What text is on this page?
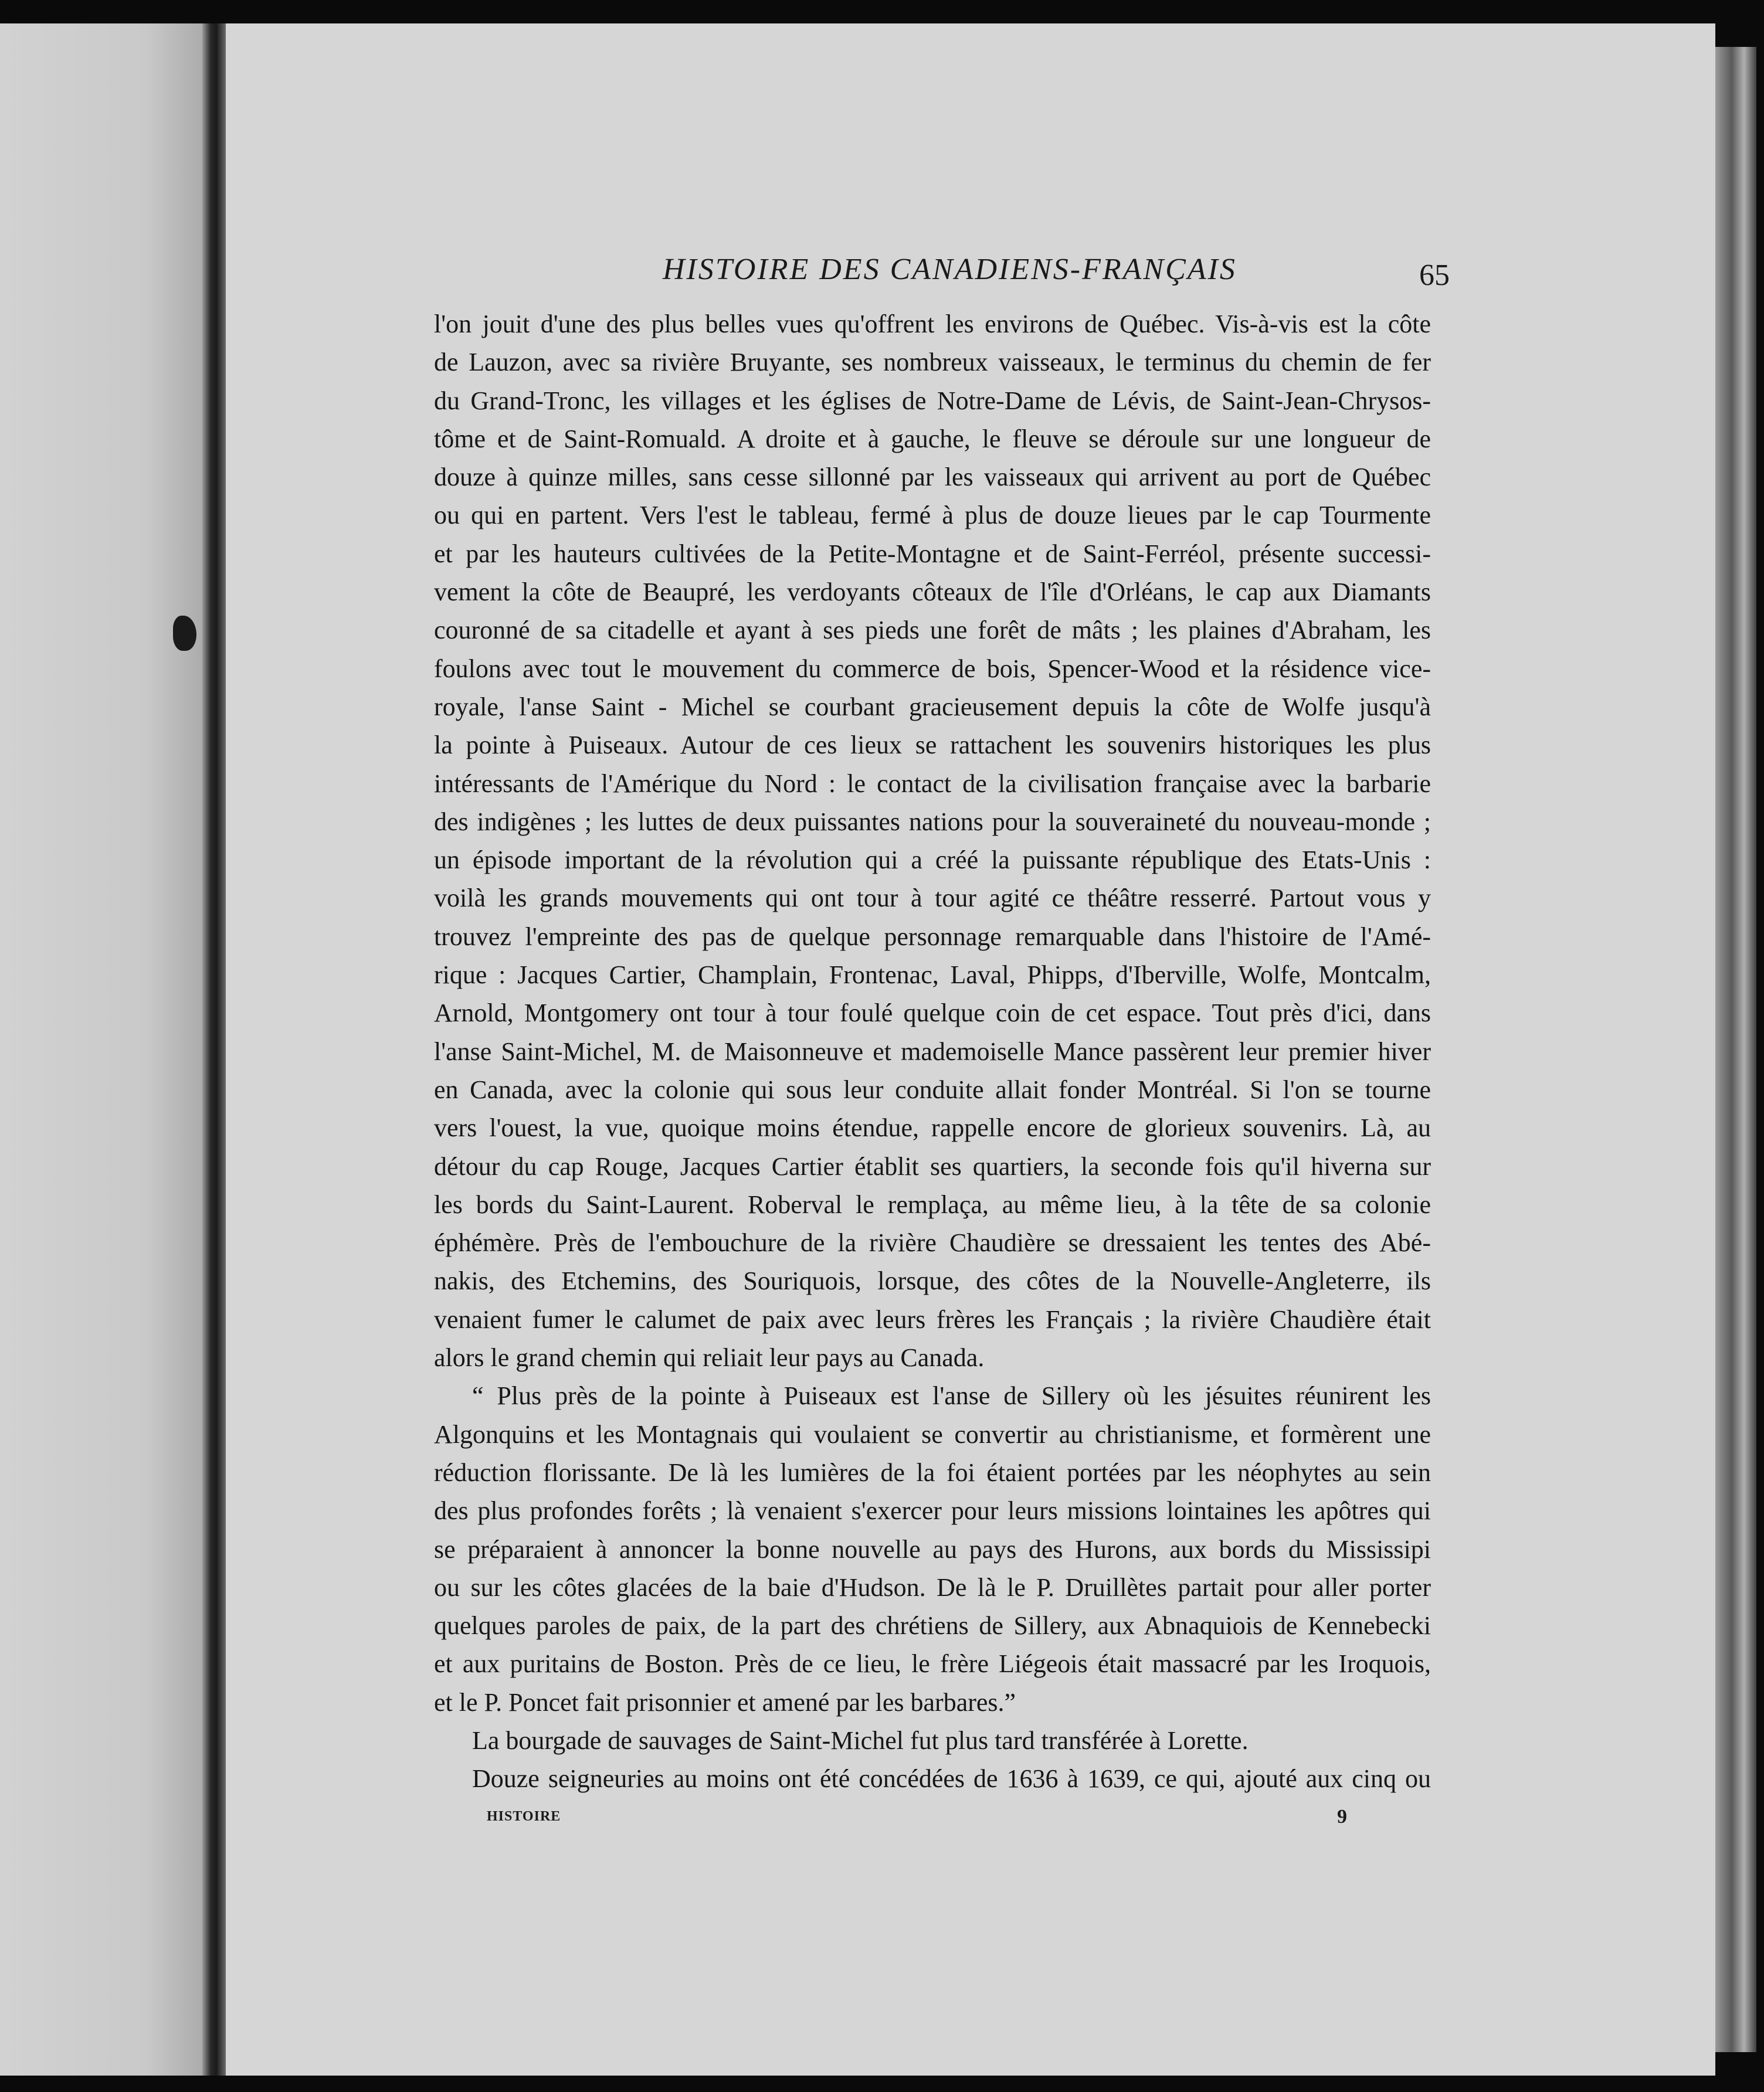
HISTOIRE DES CANADIENS-FRANÇAIS	65

l'on jouit d'une des plus belles vues qu'offrent les environs de Québec. Vis-à-vis est la côte

de Lauzon, avec sa rivière Bruyante, ses nombreux vaisseaux, le terminus du chemin de fer

du Grand-Tronc, les villages et les églises de Notre-Dame de Lévis, de Saint-Jean-Chrysos-

tôme et de Saint-Romuald. A droite et à gauche, le fleuve se déroule sur une longueur de

douze à quinze milles, sans cesse sillonné par les vaisseaux qui arrivent au port de Québec

ou qui en partent. Vers l'est le tableau, fermé à plus de douze lieues par le cap Tourmente

et par les hauteurs cultivées de la Petite-Montagne et de Saint-Ferréol, présente successi-

vement la côte de Beaupré, les verdoyants côteaux de l'île d'Orléans, le cap aux Diamants

couronné de sa citadelle et ayant à ses pieds une forêt de mâts ; les plaines d'Abraham, les

foulons avec tout le mouvement du commerce de bois, Spencer-Wood et la résidence vice-

royale, l'anse Saint - Michel se courbant gracieusement depuis la côte de Wolfe jusqu'à

la pointe à Puiseaux. Autour de ces lieux se rattachent les souvenirs historiques les plus

intéressants de l'Amérique du Nord : le contact de la civilisation française avec la barbarie

des indigènes ; les luttes de deux puissantes nations pour la souveraineté du nouveau-monde ;

un épisode important de la révolution qui a créé la puissante république des Etats-Unis :

voilà les grands mouvements qui ont tour à tour agité ce théâtre resserré. Partout vous y

trouvez l'empreinte des pas de quelque personnage remarquable dans l'histoire de l'Amé-

rique : Jacques Cartier, Champlain, Frontenac, Laval, Phipps, d'Iberville, Wolfe, Montcalm,

Arnold, Montgomery ont tour à tour foulé quelque coin de cet espace. Tout près d'ici, dans

l'anse Saint-Michel, M. de Maisonneuve et mademoiselle Mance passèrent leur premier hiver

en Canada, avec la colonie qui sous leur conduite allait fonder Montréal. Si l'on se tourne

vers l'ouest, la vue, quoique moins étendue, rappelle encore de glorieux souvenirs. Là, au

détour du cap Rouge, Jacques Cartier établit ses quartiers, la seconde fois qu'il hiverna sur

les bords du Saint-Laurent. Roberval le remplaça, au même lieu, à la tête de sa colonie

éphémère. Près de l'embouchure de la rivière Chaudière se dressaient les tentes des Abé-

nakis, des Etchemins, des Souriquois, lorsque, des côtes de la Nouvelle-Angleterre, ils

venaient fumer le calumet de paix avec leurs frères les Français ; la rivière Chaudière était

alors le grand chemin qui reliait leur pays au Canada.

“ Plus près de la pointe à Puiseaux est l'anse de Sillery où les jésuites réunirent les

Algonquins et les Montagnais qui voulaient se convertir au christianisme, et formèrent une

réduction florissante. De là les lumières de la foi étaient portées par les néophytes au sein

des plus profondes forêts ; là venaient s'exercer pour leurs missions lointaines les apôtres qui

se préparaient à annoncer la bonne nouvelle au pays des Hurons, aux bords du Mississipi

ou sur les côtes glacées de la baie d'Hudson. De là le P. Druillètes partait pour aller porter

quelques paroles de paix, de la part des chrétiens de Sillery, aux Abnaquiois de Kennebecki

et aux puritains de Boston. Près de ce lieu, le frère Liégeois était massacré par les Iroquois,

et le P. Poncet fait prisonnier et amené par les barbares.”

La bourgade de sauvages de Saint-Michel fut plus tard transférée à Lorette.

Douze seigneuries au moins ont été concédées de 1636 à 1639, ce qui, ajouté aux cinq ou

HISTOIRE	9
